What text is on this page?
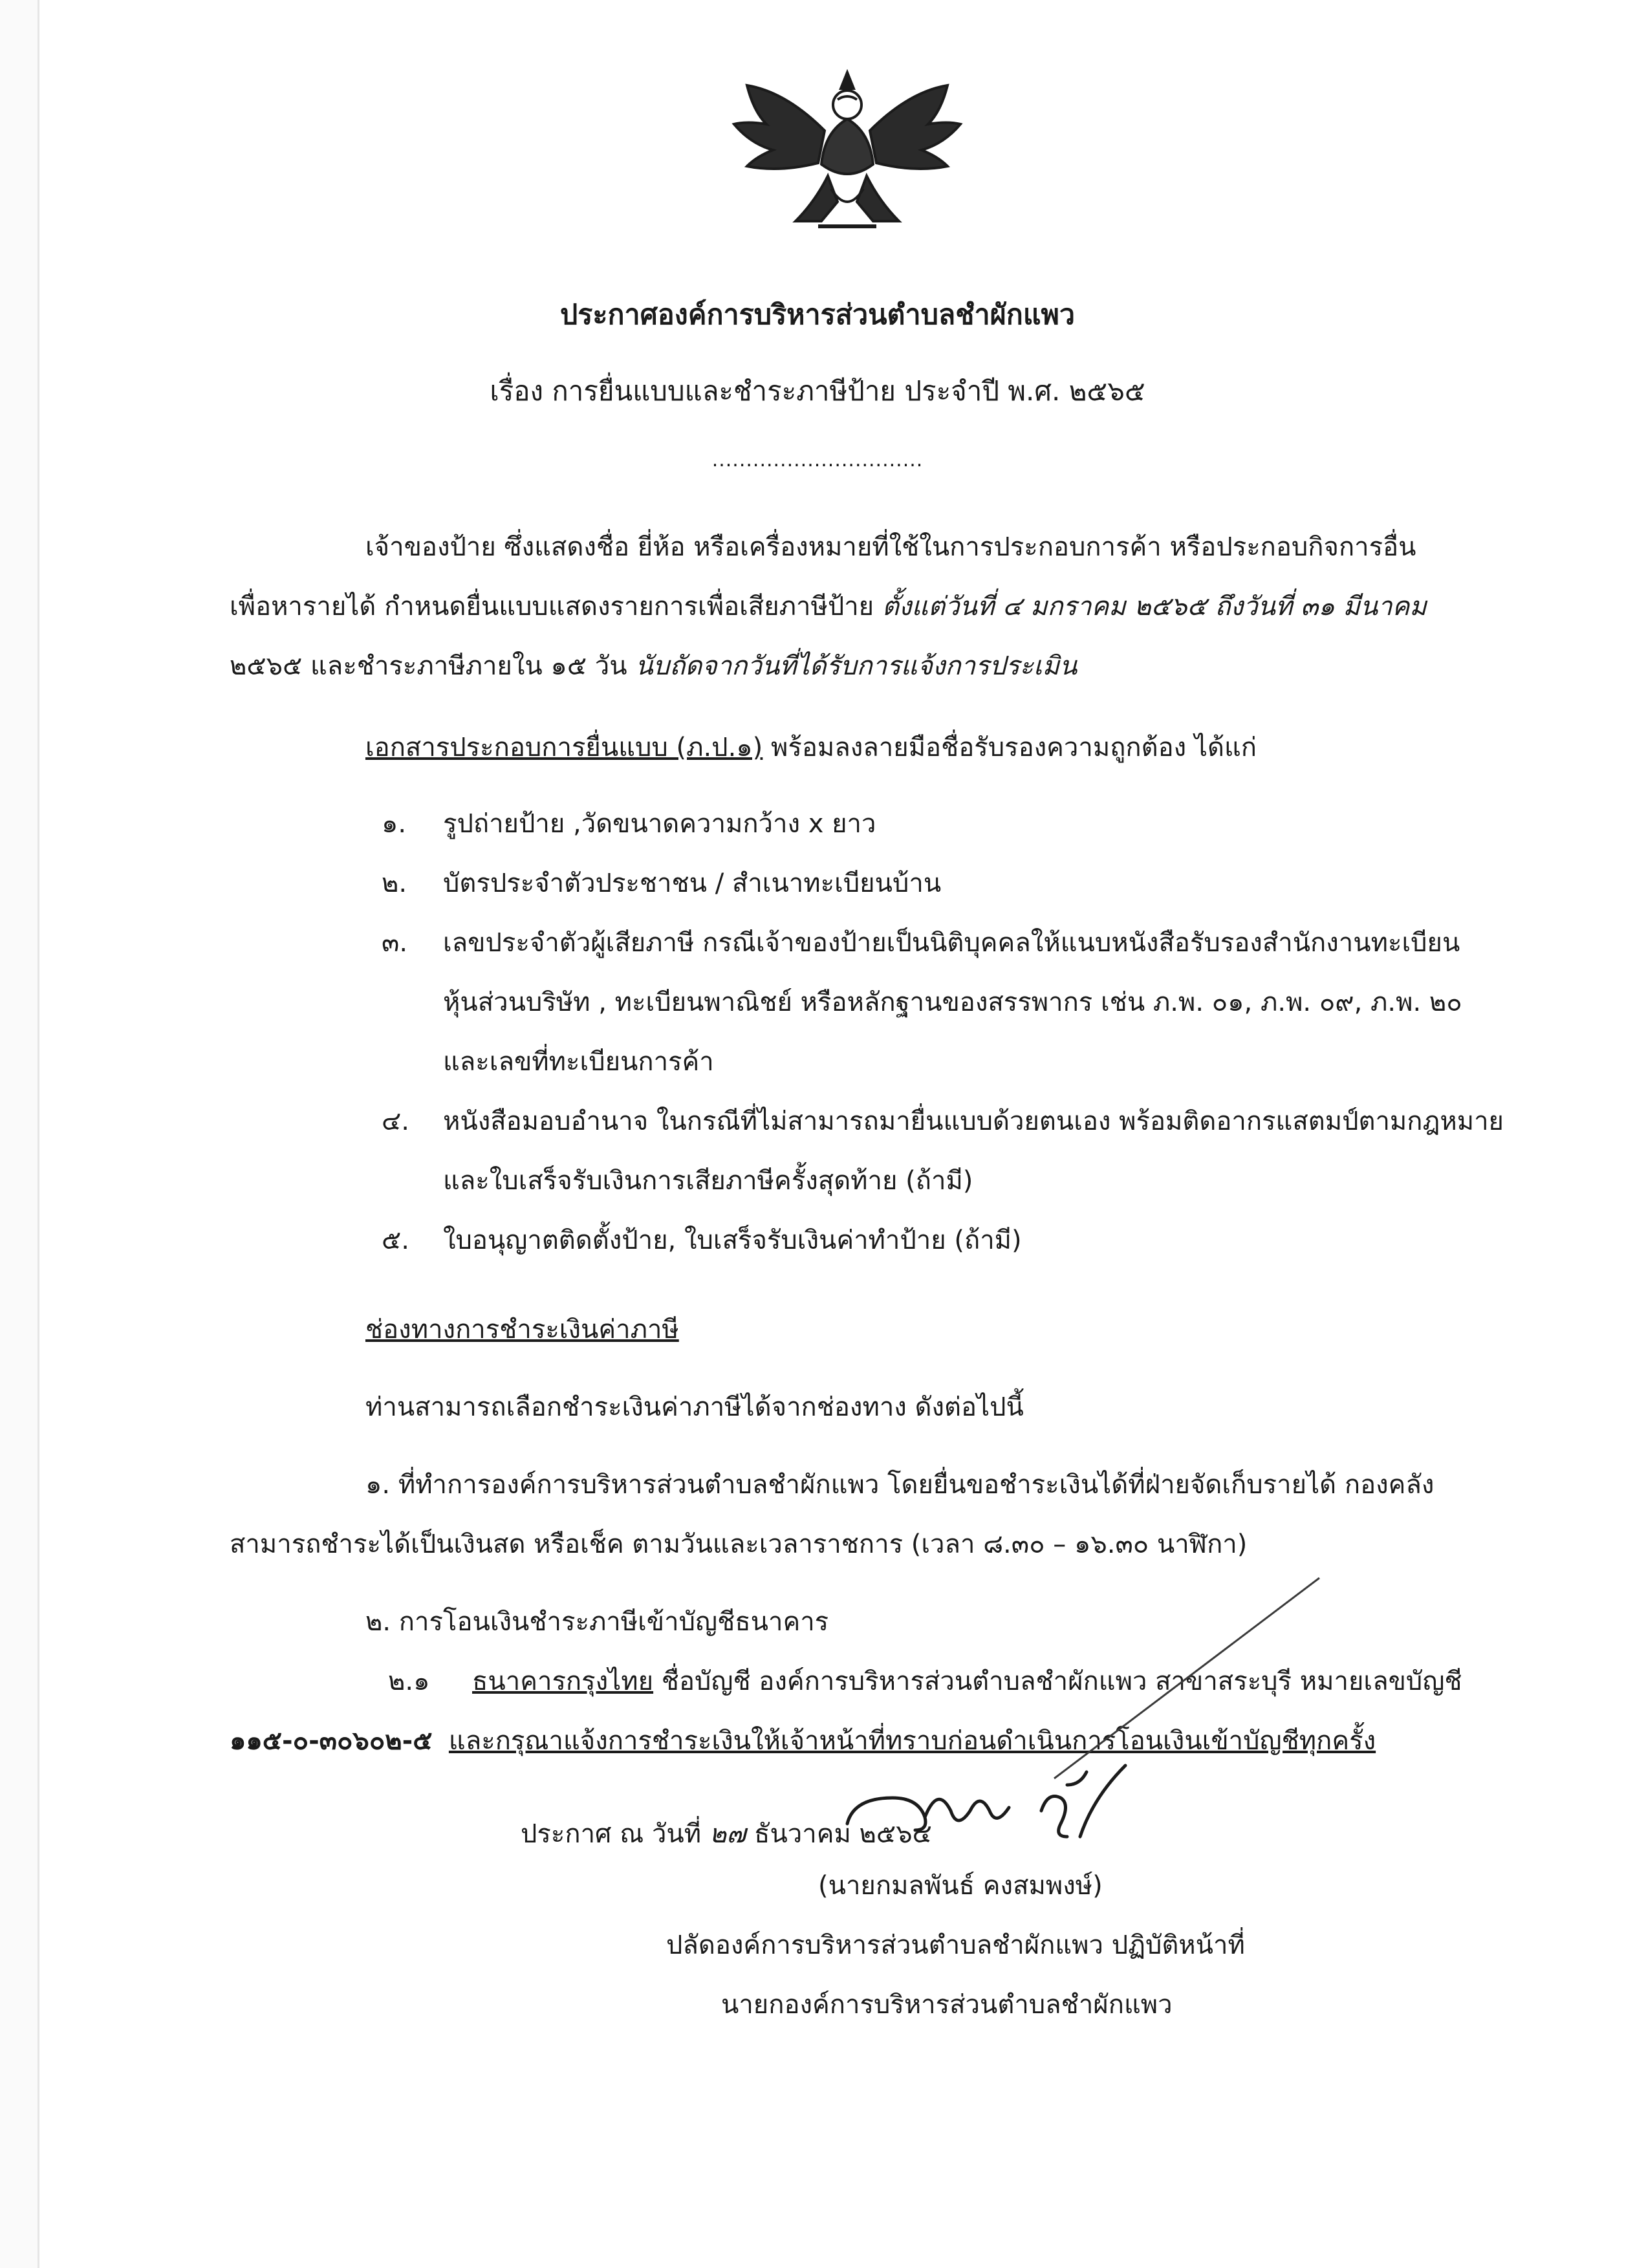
ประกาศองค์การบริหารส่วนตำบลชำผักแพว
เรื่อง การยื่นแบบและชำระภาษีป้าย ประจำปี พ.ศ. ๒๕๖๕
...............................
เจ้าของป้าย ซึ่งแสดงชื่อ ยี่ห้อ หรือเครื่องหมายที่ใช้ในการประกอบการค้า หรือประกอบกิจการอื่น
เพื่อหารายได้ กำหนดยื่นแบบแสดงรายการเพื่อเสียภาษีป้าย ตั้งแต่วันที่ ๔ มกราคม ๒๕๖๕ ถึงวันที่ ๓๑ มีนาคม
๒๕๖๕ และชำระภาษีภายใน ๑๕ วัน นับถัดจากวันที่ได้รับการแจ้งการประเมิน
เอกสารประกอบการยื่นแบบ (ภ.ป.๑) พร้อมลงลายมือชื่อรับรองความถูกต้อง ได้แก่
๑. รูปถ่ายป้าย ,วัดขนาดความกว้าง x ยาว
๒. บัตรประจำตัวประชาชน / สำเนาทะเบียนบ้าน
๓. เลขประจำตัวผู้เสียภาษี กรณีเจ้าของป้ายเป็นนิติบุคคลให้แนบหนังสือรับรองสำนักงานทะเบียน
หุ้นส่วนบริษัท , ทะเบียนพาณิชย์ หรือหลักฐานของสรรพากร เช่น ภ.พ. ๐๑, ภ.พ. ๐๙, ภ.พ. ๒๐
และเลขที่ทะเบียนการค้า
๔. หนังสือมอบอำนาจ ในกรณีที่ไม่สามารถมายื่นแบบด้วยตนเอง พร้อมติดอากรแสตมป์ตามกฎหมาย
และใบเสร็จรับเงินการเสียภาษีครั้งสุดท้าย (ถ้ามี)
๕. ใบอนุญาตติดตั้งป้าย, ใบเสร็จรับเงินค่าทำป้าย (ถ้ามี)
ช่องทางการชำระเงินค่าภาษี
ท่านสามารถเลือกชำระเงินค่าภาษีได้จากช่องทาง ดังต่อไปนี้
๑. ที่ทำการองค์การบริหารส่วนตำบลชำผักแพว โดยยื่นขอชำระเงินได้ที่ฝ่ายจัดเก็บรายได้ กองคลัง
สามารถชำระได้เป็นเงินสด หรือเช็ค ตามวันและเวลาราชการ (เวลา ๘.๓๐ – ๑๖.๓๐ นาฬิกา)
๒. การโอนเงินชำระภาษีเข้าบัญชีธนาคาร
๒.๑ ธนาคารกรุงไทย ชื่อบัญชี องค์การบริหารส่วนตำบลชำผักแพว สาขาสระบุรี หมายเลขบัญชี
๑๑๕-๐-๓๐๖๐๒-๕ และกรุณาแจ้งการชำระเงินให้เจ้าหน้าที่ทราบก่อนดำเนินการโอนเงินเข้าบัญชีทุกครั้ง
ประกาศ ณ วันที่ ๒๗ ธันวาคม ๒๕๖๔
(นายกมลพันธ์ คงสมพงษ์)
ปลัดองค์การบริหารส่วนตำบลชำผักแพว ปฏิบัติหน้าที่
นายกองค์การบริหารส่วนตำบลชำผักแพว
